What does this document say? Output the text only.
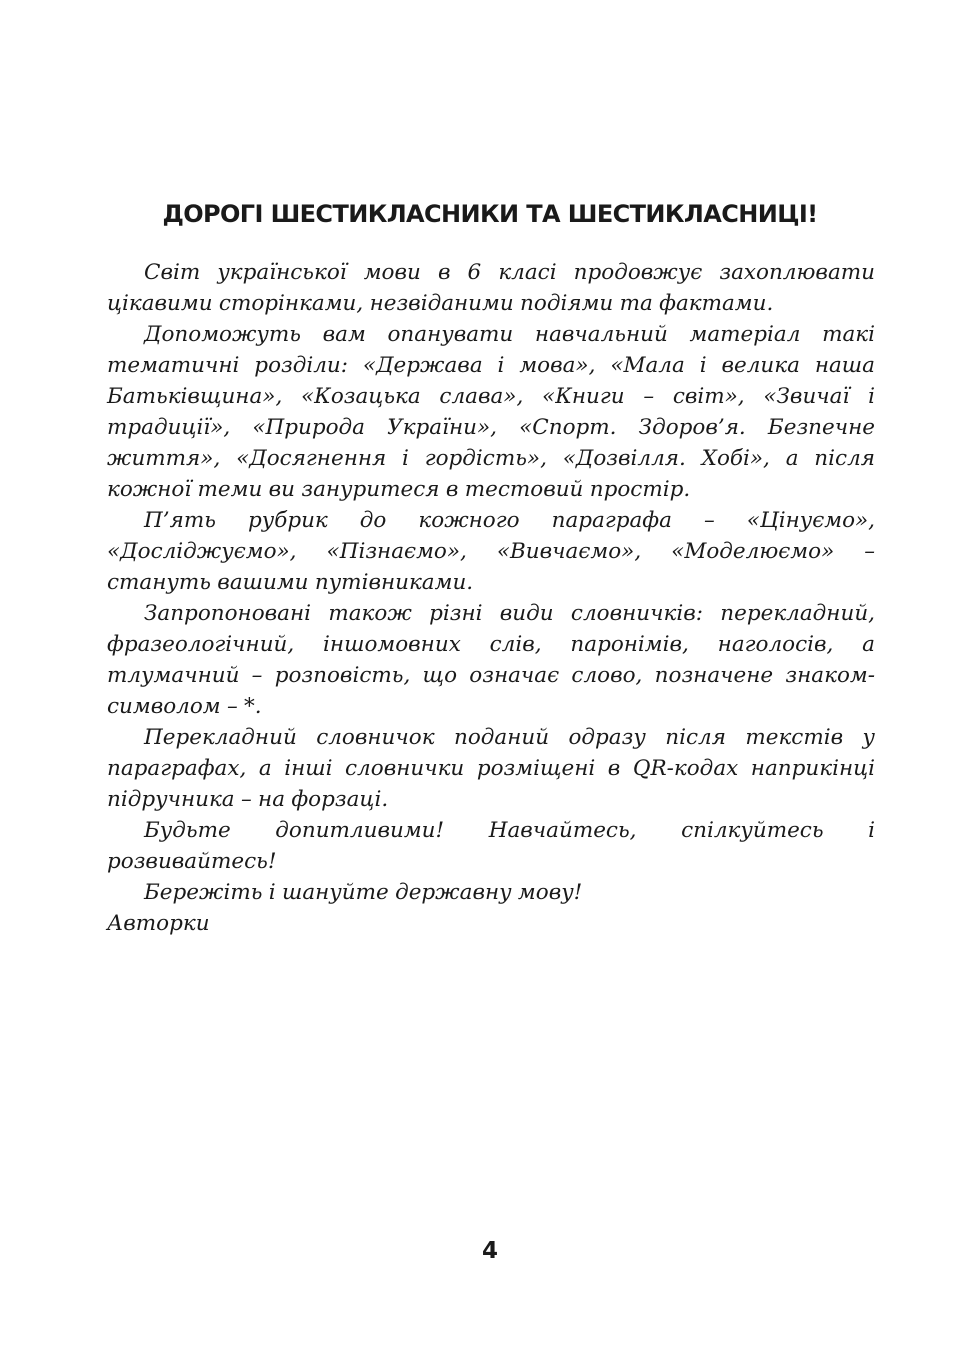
ДОРОГІ ШЕСТИКЛАСНИКИ ТА ШЕСТИКЛАСНИЦІ!

Світ української мови в 6 класі продовжує захоплювати цікавими сторінками, незвіданими подіями та фактами.

Допоможуть вам опанувати навчальний матеріал такі тематичні розділи: «Держава і мова», «Мала і велика наша Батьківщина», «Козацька слава», «Книги – світ», «Звичаї і традиції», «Природа України», «Спорт. Здоров’я. Безпечне життя», «Досягнення і гордість», «Дозвілля. Хобі», а після кожної теми ви зануритеся в тестовий простір.

П’ять рубрик до кожного параграфа – «Цінуємо», «Досліджуємо», «Пізнаємо», «Вивчаємо», «Моделюємо» – стануть вашими путівниками.

Запропоновані також різні види словничків: перекладний, фразеологічний, іншомовних слів, паронімів, наголосів, а тлумачний – розповість, що означає слово, позначене знаком-символом – *.

Перекладний словничок поданий одразу після текстів у параграфах, а інші словнички розміщені в QR-кодах наприкінці підручника – на форзаці.

Будьте допитливими! Навчайтесь, спілкуйтесь і розвивайтесь!

Бережіть і шануйте державну мову!

Авторки

4
